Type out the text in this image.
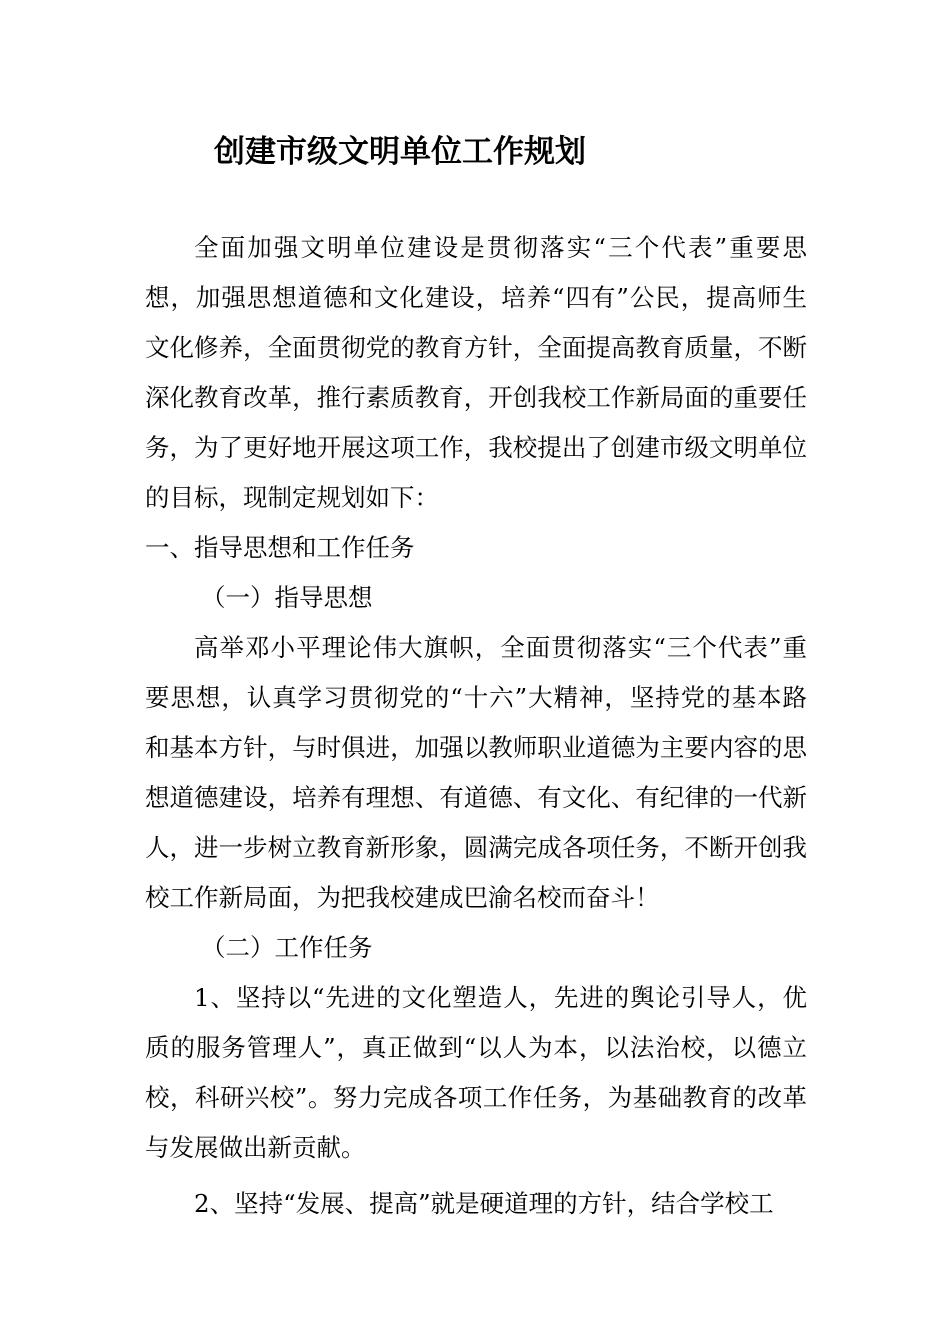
创建市级文明单位工作规划

全面加强文明单位建设是贯彻落实“三个代表”重要思想，加强思想道德和文化建设，培养“四有”公民，提高师生文化修养，全面贯彻党的教育方针，全面提高教育质量，不断深化教育改革，推行素质教育，开创我校工作新局面的重要任务，为了更好地开展这项工作，我校提出了创建市级文明单位的目标，现制定规划如下：

一、指导思想和工作任务

（一）指导思想

高举邓小平理论伟大旗帜，全面贯彻落实“三个代表”重要思想，认真学习贯彻党的“十六”大精神，坚持党的基本路和基本方针，与时俱进，加强以教师职业道德为主要内容的思想道德建设，培养有理想、有道德、有文化、有纪律的一代新人，进一步树立教育新形象，圆满完成各项任务，不断开创我校工作新局面，为把我校建成巴渝名校而奋斗！

（二）工作任务

1、坚持以“先进的文化塑造人，先进的舆论引导人，优质的服务管理人”，真正做到“以人为本，以法治校，以德立校，科研兴校”。努力完成各项工作任务，为基础教育的改革与发展做出新贡献。

2、坚持“发展、提高”就是硬道理的方针，结合学校工
